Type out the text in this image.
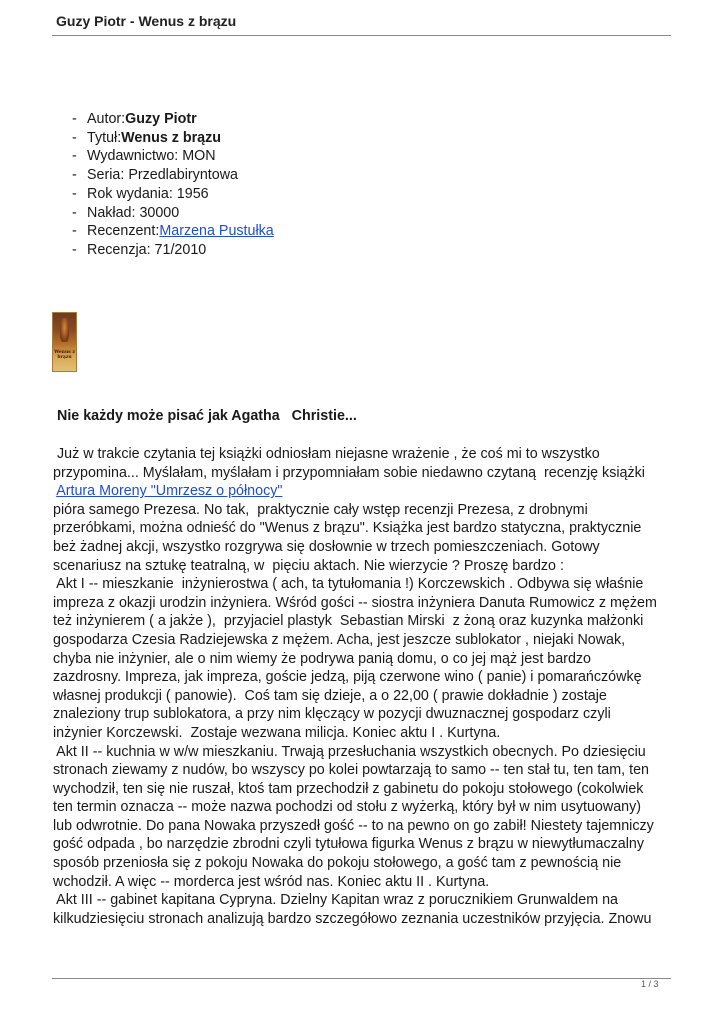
Guzy Piotr - Wenus z brązu
- Autor: Guzy Piotr
- Tytuł: Wenus z brązu
- Wydawnictwo: MON
- Seria: Przedlabiryntowa
- Rok wydania: 1956
- Nakład: 30000
- Recenzent: Marzena Pustułka
- Recenzja: 71/2010
Wenus z brązu
Nie każdy może pisać jak Agatha   Christie...
Już w trakcie czytania tej książki odniosłam niejasne wrażenie , że coś mi to wszystko
przypomina... Myślałam, myślałam i przypomniałam sobie niedawno czytaną  recenzję książki
Artura Moreny "Umrzesz o północy"
pióra samego Prezesa. No tak,  praktycznie cały wstęp recenzji Prezesa, z drobnymi
przeróbkami, można odnieść do "Wenus z brązu". Książka jest bardzo statyczna, praktycznie
beż żadnej akcji, wszystko rozgrywa się dosłownie w trzech pomieszczeniach. Gotowy
scenariusz na sztukę teatralną, w  pięciu aktach. Nie wierzycie ? Proszę bardzo :
Akt I -- mieszkanie  inżynierostwa ( ach, ta tytułomania !) Korczewskich . Odbywa się właśnie
impreza z okazji urodzin inżyniera. Wśród gości -- siostra inżyniera Danuta Rumowicz z mężem
też inżynierem ( a jakże ),  przyjaciel plastyk  Sebastian Mirski  z żoną oraz kuzynka małżonki
gospodarza Czesia Radziejewska z mężem. Acha, jest jeszcze sublokator , niejaki Nowak,
chyba nie inżynier, ale o nim wiemy że podrywa panią domu, o co jej mąż jest bardzo
zazdrosny. Impreza, jak impreza, goście jedzą, piją czerwone wino ( panie) i pomarańczówkę
własnej produkcji ( panowie).  Coś tam się dzieje, a o 22,00 ( prawie dokładnie ) zostaje
znaleziony trup sublokatora, a przy nim klęczący w pozycji dwuznacznej gospodarz czyli
inżynier Korczewski.  Zostaje wezwana milicja. Koniec aktu I . Kurtyna.
Akt II -- kuchnia w w/w mieszkaniu. Trwają przesłuchania wszystkich obecnych. Po dziesięciu
stronach ziewamy z nudów, bo wszyscy po kolei powtarzają to samo -- ten stał tu, ten tam, ten
wychodził, ten się nie ruszał, ktoś tam przechodził z gabinetu do pokoju stołowego (cokolwiek
ten termin oznacza -- może nazwa pochodzi od stołu z wyżerką, który był w nim usytuowany)
lub odwrotnie. Do pana Nowaka przyszedł gość -- to na pewno on go zabił! Niestety tajemniczy
gość odpada , bo narzędzie zbrodni czyli tytułowa figurka Wenus z brązu w niewytłumaczalny
sposób przeniosła się z pokoju Nowaka do pokoju stołowego, a gość tam z pewnością nie
wchodził. A więc -- morderca jest wśród nas. Koniec aktu II . Kurtyna.
Akt III -- gabinet kapitana Cypryna. Dzielny Kapitan wraz z porucznikiem Grunwaldem na
kilkudziesięciu stronach analizują bardzo szczegółowo zeznania uczestników przyjęcia. Znowu
1 / 3
